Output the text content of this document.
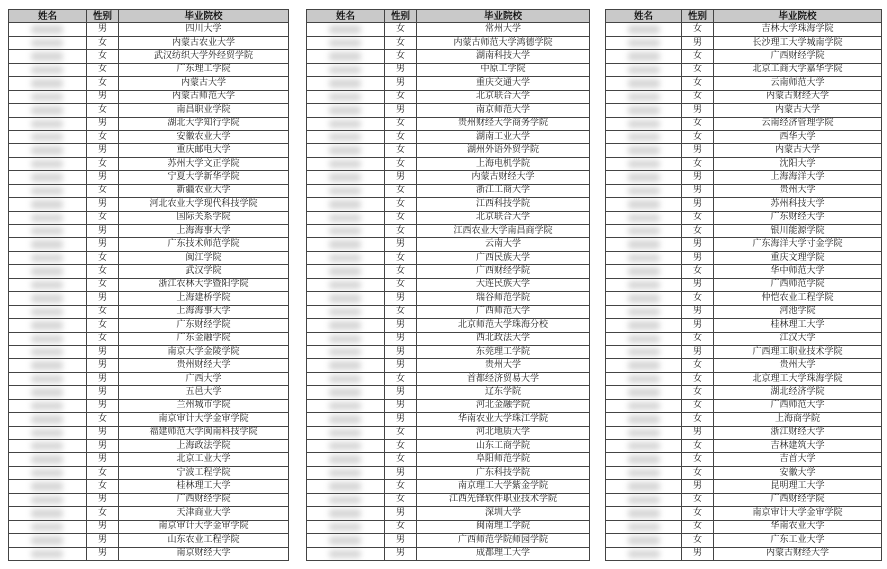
姓名	性别	毕业院校

	男	四川大学

	女	内蒙古农业大学

	女	武汉纺织大学外经贸学院

	女	广东理工学院

	女	内蒙古大学

	男	内蒙古师范大学

	女	南昌职业学院

	男	湖北大学知行学院

	女	安徽农业大学

	男	重庆邮电大学

	女	苏州大学文正学院

	男	宁夏大学新华学院

	女	新疆农业大学

	男	河北农业大学现代科技学院

	女	国际关系学院

	男	上海海事大学

	男	广东技术师范学院

	女	闽江学院

	女	武汉学院

	女	浙江农林大学暨阳学院

	男	上海建桥学院

	女	上海海事大学

	女	广东财经学院

	女	广东金融学院

	男	南京大学金陵学院

	男	贵州财经大学

	男	广西大学

	男	五邑大学

	男	兰州城市学院

	女	南京审计大学金审学院

	男	福建师范大学闽南科技学院

	男	上海政法学院

	男	北京工业大学

	女	宁波工程学院

	女	桂林理工大学

	男	广西财经学院

	女	天津商业大学

	男	南京审计大学金审学院

	男	山东农业工程学院

	男	南京财经大学
姓名	性别	毕业院校

	女	常州大学

	女	内蒙古师范大学鸿德学院

	女	湖南科技大学

	男	中原工学院

	男	重庆交通大学

	女	北京联合大学

	男	南京师范大学

	女	贵州财经大学商务学院

	女	湖南工业大学

	女	湖州外语外贸学院

	女	上海电机学院

	男	内蒙古财经大学

	女	浙江工商大学

	女	江西科技学院

	女	北京联合大学

	女	江西农业大学南昌商学院

	男	云南大学

	女	广西民族大学

	女	广西财经学院

	女	大连民族大学

	男	瑞谷师范学院

	女	广西师范大学

	男	北京师范大学珠海分校

	男	西北政法大学

	男	东莞理工学院

	男	贵州大学

	女	首都经济贸易大学

	男	辽东学院

	男	河北金融学院

	男	华南农业大学珠江学院

	女	河北地质大学

	女	山东工商学院

	女	阜阳师范学院

	男	广东科技学院

	女	南京理工大学紫金学院

	女	江西先锋软件职业技术学院

	男	深圳大学

	女	闽南理工学院

	男	广西师范学院师园学院

	男	成都理工大学
姓名	性别	毕业院校

	女	吉林大学珠海学院

	男	长沙理工大学城南学院

	女	广西财经学院

	女	北京工商大学嘉华学院

	女	云南师范大学

	女	内蒙古财经大学

	男	内蒙古大学

	女	云南经济管理学院

	女	西华大学

	男	内蒙古大学

	女	沈阳大学

	男	上海海洋大学

	男	贵州大学

	男	苏州科技大学

	女	广东财经大学

	女	银川能源学院

	男	广东海洋大学寸金学院

	男	重庆文理学院

	女	华中师范大学

	男	广西师范学院

	女	仲恺农业工程学院

	男	河池学院

	男	桂林理工大学

	女	江汉大学

	男	广西理工职业技术学院

	女	贵州大学

	女	北京理工大学珠海学院

	女	湖北经济学院

	女	广西师范大学

	女	上海商学院

	男	浙江财经大学

	女	吉林建筑大学

	女	吉首大学

	女	安徽大学

	男	昆明理工大学

	女	广西财经学院

	女	南京审计大学金审学院

	女	华南农业大学

	女	广东工业大学

	男	内蒙古财经大学
